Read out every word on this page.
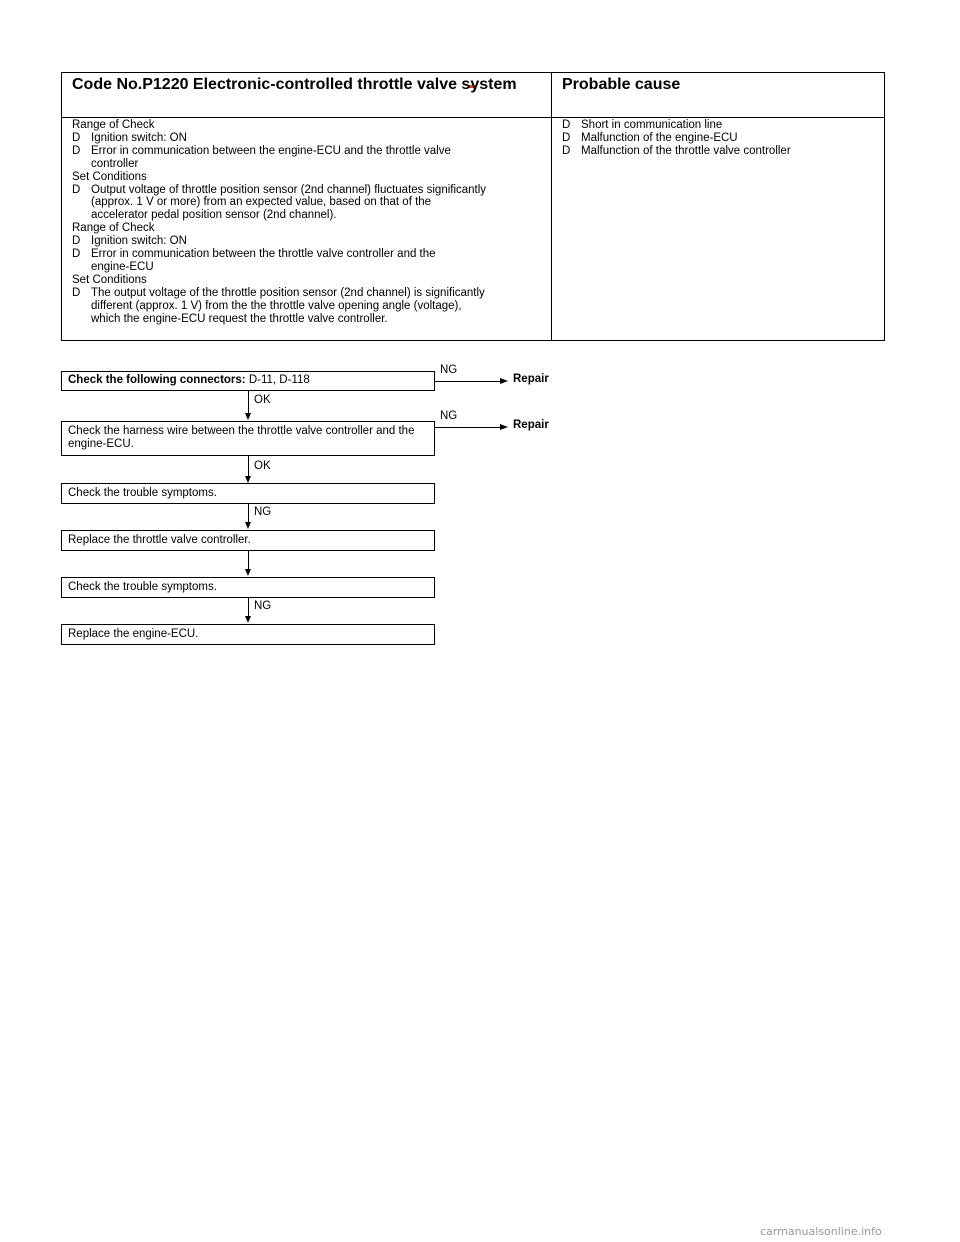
Code No.P1220 Electronic-controlled throttle valve system	Probable cause
Range of Check
D Ignition switch: ON
D Error in communication between the engine-ECU and the throttle valve
controller
Set Conditions
D Output voltage of throttle position sensor (2nd channel) fluctuates significantly
(approx. 1 V or more) from an expected value, based on that of the
accelerator pedal position sensor (2nd channel).
Range of Check
D Ignition switch: ON
D Error in communication between the throttle valve controller and the
engine-ECU
Set Conditions
D The output voltage of the throttle position sensor (2nd channel) is significantly
different (approx. 1 V) from the the throttle valve opening angle (voltage),
which the engine-ECU request the throttle valve controller.
D Short in communication line
D Malfunction of the engine-ECU
D Malfunction of the throttle valve controller
Check the following connectors: D-11, D-118
NG
Repair
OK
Check the harness wire between the throttle valve controller and the engine-ECU.
NG
Repair
OK
Check the trouble symptoms.
NG
Replace the throttle valve controller.
Check the trouble symptoms.
NG
Replace the engine-ECU.
carmanualsonline.info
